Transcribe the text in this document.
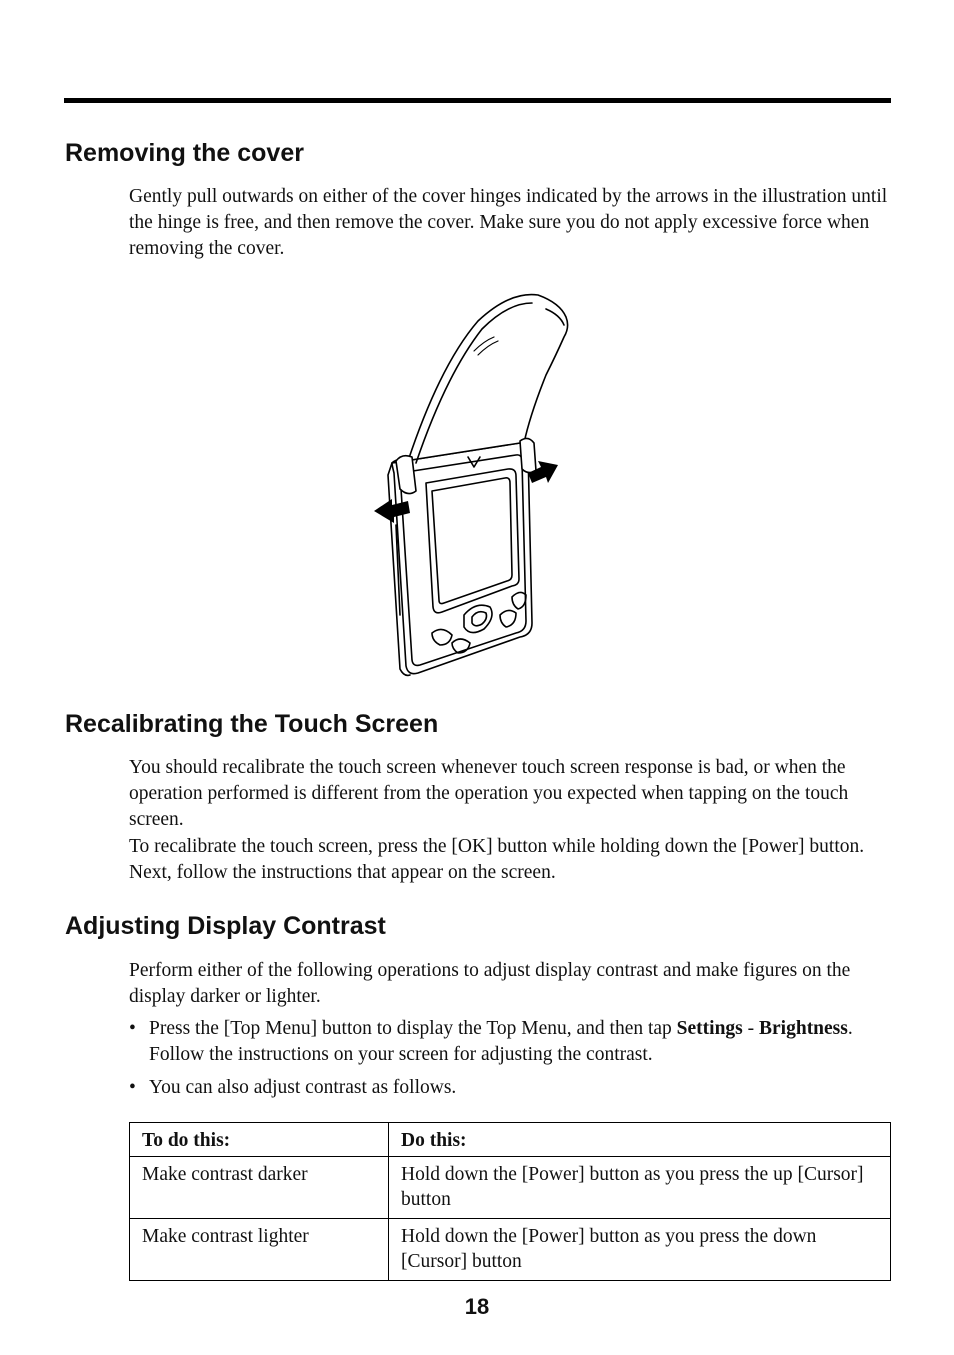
Removing the cover

Gently pull outwards on either of the cover hinges indicated by the arrows in the illustration until the hinge is free, and then remove the cover. Make sure you do not apply excessive force when removing the cover.

Recalibrating the Touch Screen

You should recalibrate the touch screen whenever touch screen response is bad, or when the operation performed is different from the operation you expected when tapping on the touch screen.

To recalibrate the touch screen, press the [OK] button while holding down the [Power] button. Next, follow the instructions that appear on the screen.

Adjusting Display Contrast

Perform either of the following operations to adjust display contrast and make figures on the display darker or lighter.

• Press the [Top Menu] button to display the Top Menu, and then tap Settings - Brightness. Follow the instructions on your screen for adjusting the contrast.
• You can also adjust contrast as follows.
To do this:	Do this:
Make contrast darker	Hold down the [Power] button as you press the up [Cursor] button
Make contrast lighter	Hold down the [Power] button as you press the down [Cursor] button
18
